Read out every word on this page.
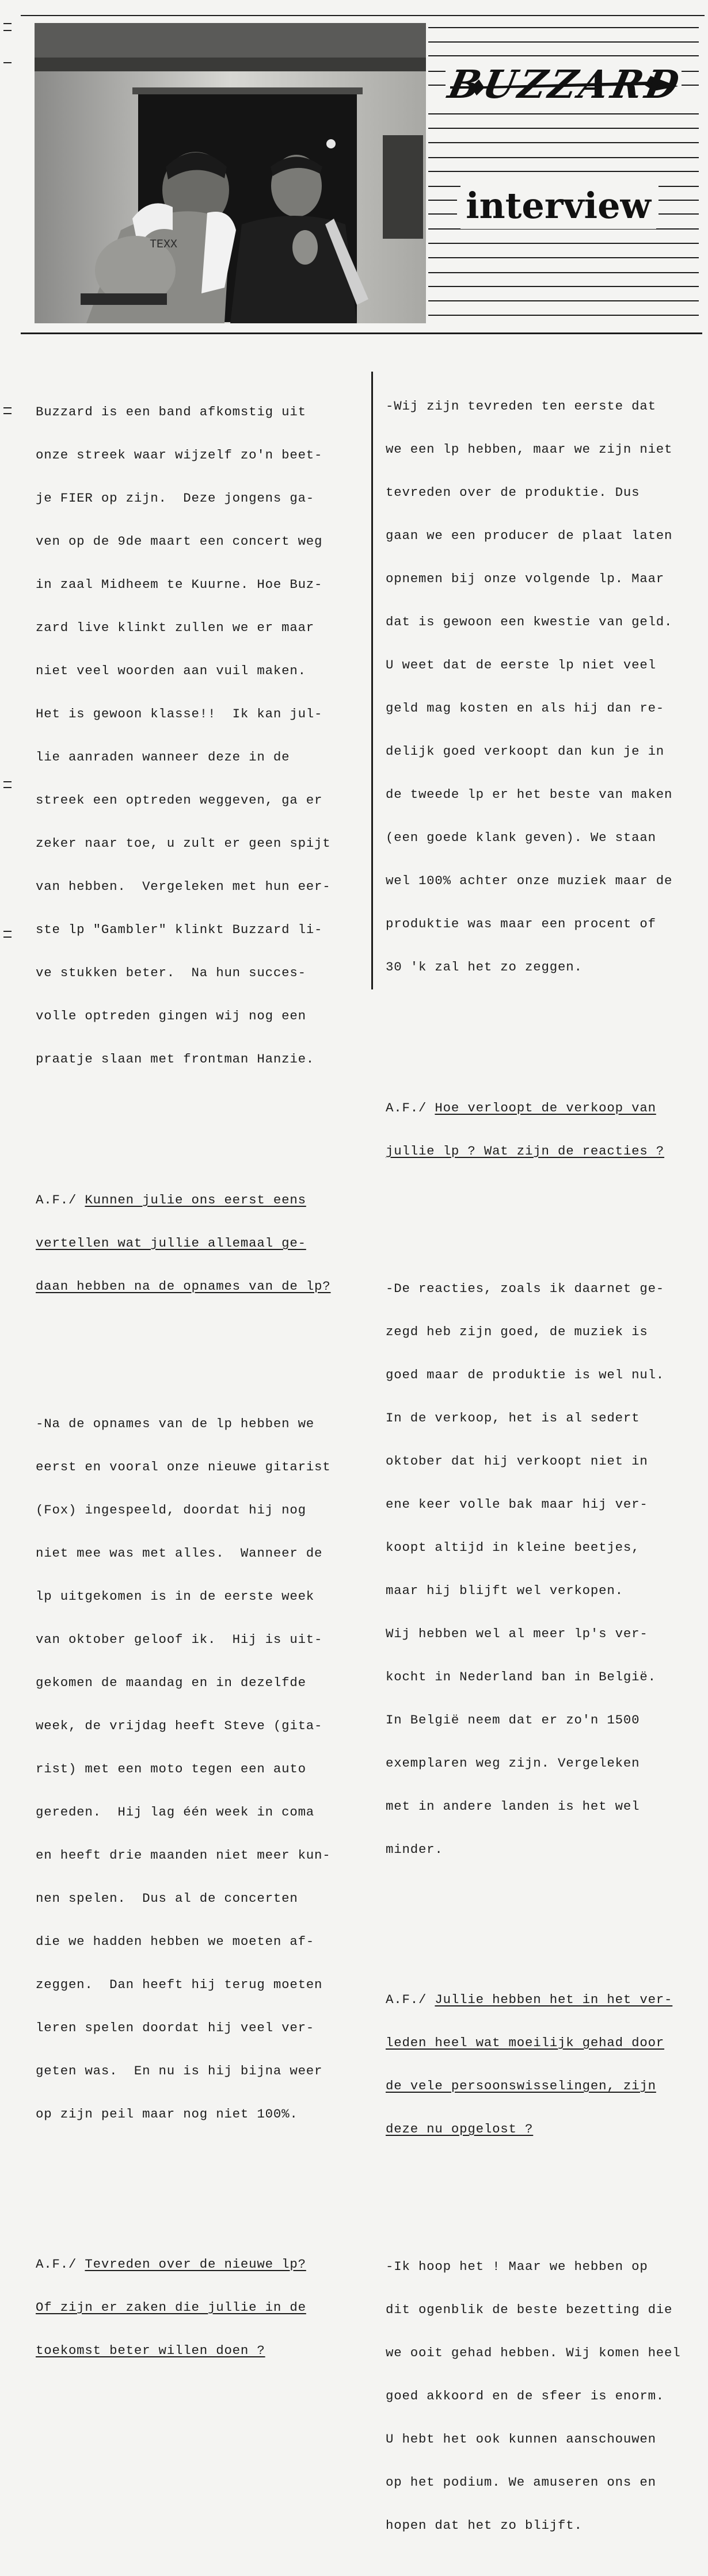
TEXX
BUZZARD
interview

Buzzard is een band afkomstig uit

onze streek waar wijzelf zo'n beet-

je FIER op zijn.  Deze jongens ga-

ven op de 9de maart een concert weg

in zaal Midheem te Kuurne. Hoe Buz-

zard live klinkt zullen we er maar

niet veel woorden aan vuil maken.

Het is gewoon klasse!!  Ik kan jul-

lie aanraden wanneer deze in de

streek een optreden weggeven, ga er

zeker naar toe, u zult er geen spijt

van hebben.  Vergeleken met hun eer-

ste lp "Gambler" klinkt Buzzard li-

ve stukken beter.  Na hun succes-

volle optreden gingen wij nog een

praatje slaan met frontman Hanzie.

A.F./ Kunnen julie ons eerst eens

vertellen wat jullie allemaal ge-

daan hebben na de opnames van de lp?

-Na de opnames van de lp hebben we

eerst en vooral onze nieuwe gitarist

(Fox) ingespeeld, doordat hij nog

niet mee was met alles.  Wanneer de

lp uitgekomen is in de eerste week

van oktober geloof ik.  Hij is uit-

gekomen de maandag en in dezelfde

week, de vrijdag heeft Steve (gita-

rist) met een moto tegen een auto

gereden.  Hij lag één week in coma

en heeft drie maanden niet meer kun-

nen spelen.  Dus al de concerten

die we hadden hebben we moeten af-

zeggen.  Dan heeft hij terug moeten

leren spelen doordat hij veel ver-

geten was.  En nu is hij bijna weer

op zijn peil maar nog niet 100%.

A.F./ Tevreden over de nieuwe lp?

Of zijn er zaken die jullie in de

toekomst beter willen doen ?

-Wij zijn tevreden ten eerste dat

we een lp hebben, maar we zijn niet

tevreden over de produktie. Dus

gaan we een producer de plaat laten

opnemen bij onze volgende lp. Maar

dat is gewoon een kwestie van geld.

U weet dat de eerste lp niet veel

geld mag kosten en als hij dan re-

delijk goed verkoopt dan kun je in

de tweede lp er het beste van maken

(een goede klank geven). We staan

wel 100% achter onze muziek maar de

produktie was maar een procent of

30 'k zal het zo zeggen.

A.F./ Hoe verloopt de verkoop van

jullie lp ? Wat zijn de reacties ?

-De reacties, zoals ik daarnet ge-

zegd heb zijn goed, de muziek is

goed maar de produktie is wel nul.

In de verkoop, het is al sedert

oktober dat hij verkoopt niet in

ene keer volle bak maar hij ver-

koopt altijd in kleine beetjes,

maar hij blijft wel verkopen.

Wij hebben wel al meer lp's ver-

kocht in Nederland ban in België.

In België neem dat er zo'n 1500

exemplaren weg zijn. Vergeleken

met in andere landen is het wel

minder.

A.F./ Jullie hebben het in het ver-

leden heel wat moeilijk gehad door

de vele persoonswisselingen, zijn

deze nu opgelost ?

-Ik hoop het ! Maar we hebben op

dit ogenblik de beste bezetting die

we ooit gehad hebben. Wij komen heel

goed akkoord en de sfeer is enorm.

U hebt het ook kunnen aanschouwen

op het podium. We amuseren ons en

hopen dat het zo blijft.
